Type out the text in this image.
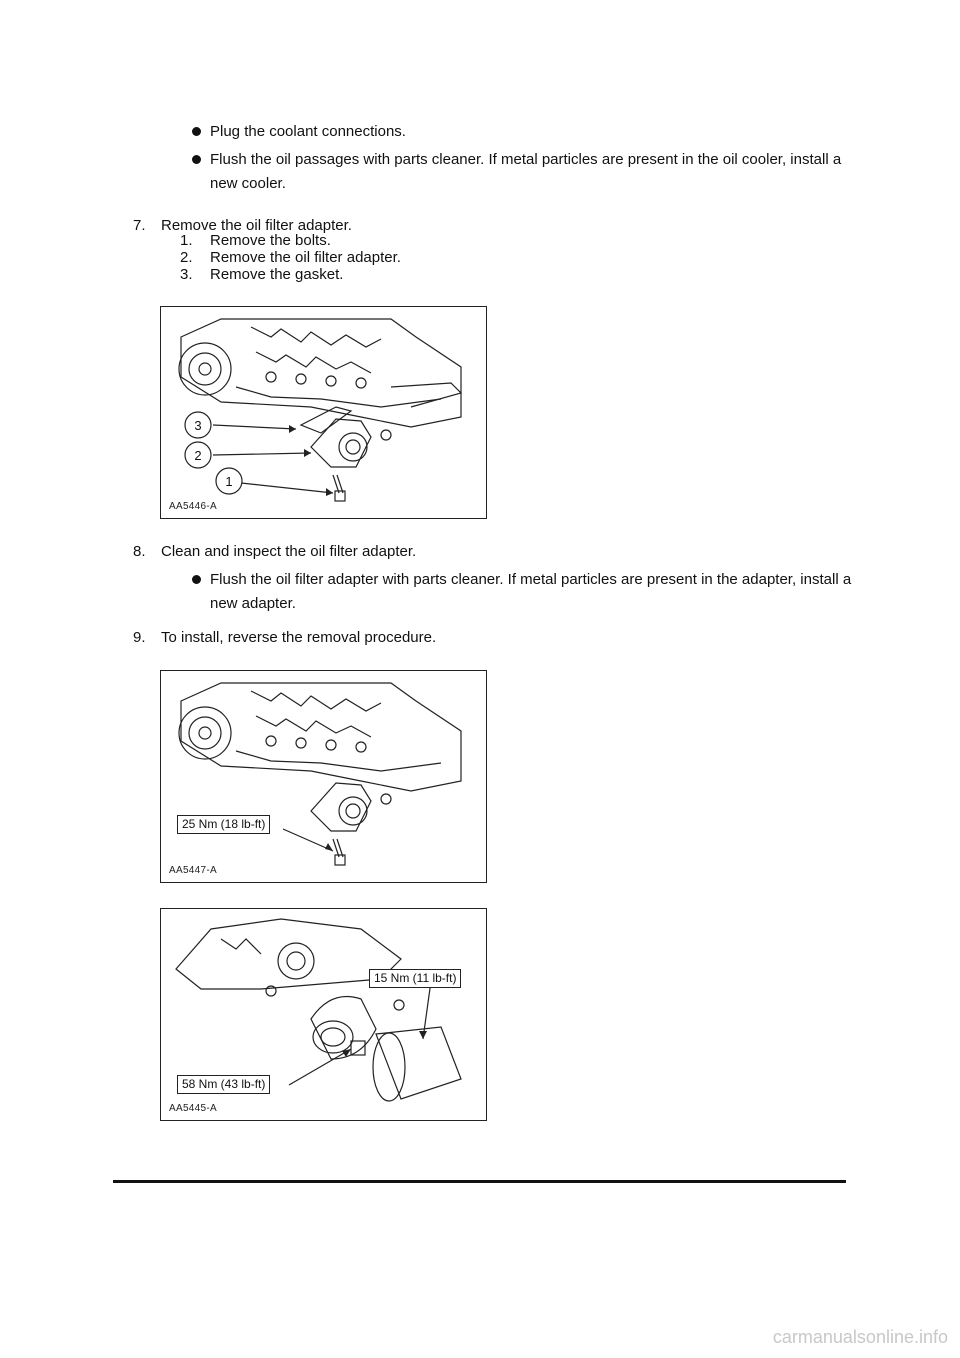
Plug the coolant connections.
Flush the oil passages with parts cleaner. If metal particles are present in the oil cooler, install a new cooler.
7.	Remove the oil filter adapter.
1.	Remove the bolts.
2.	Remove the oil filter adapter.
3.	Remove the gasket.
1
2
3
AA5446-A
8.	Clean and inspect the oil filter adapter.
Flush the oil filter adapter with parts cleaner. If metal particles are present in the adapter, install a new adapter.
9.	To install, reverse the removal procedure.
25 Nm (18 lb-ft)
AA5447-A
15 Nm (11 lb-ft)
58 Nm (43 lb-ft)
AA5445-A
carmanualsonline.info
